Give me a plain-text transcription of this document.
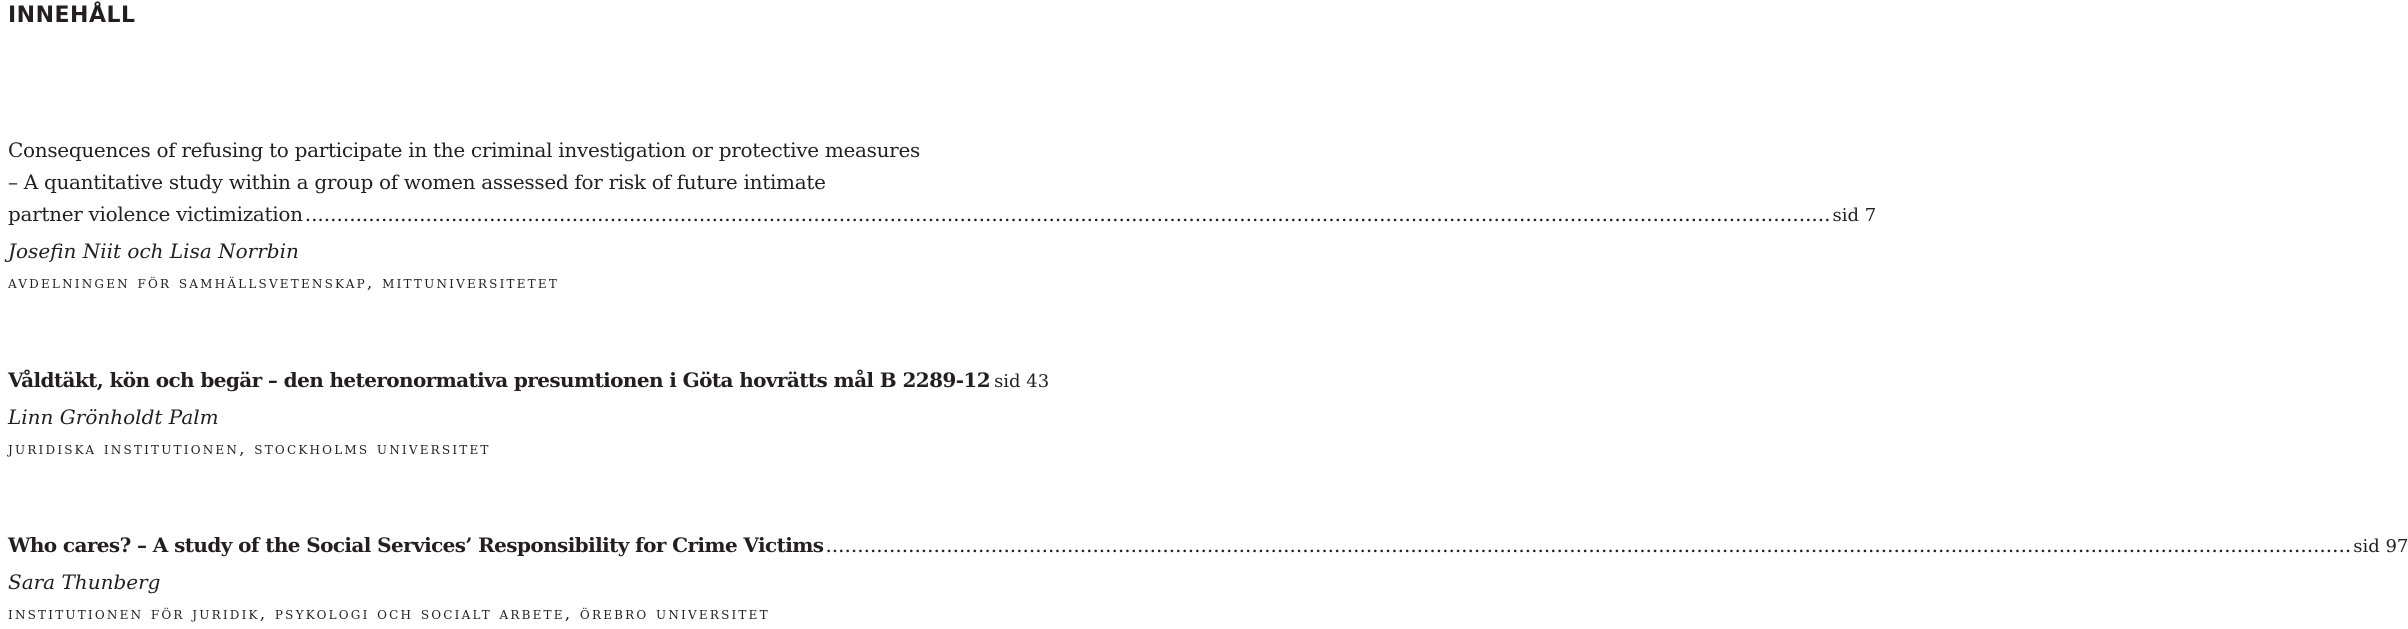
INNEHÅLL
Consequences of refusing to participate in the criminal investigation or protective measures
– A quantitative study within a group of women assessed for risk of future intimate
partner violence victimization .....	sid 7
Josefin Niit och Lisa Norrbin
avdelningen för samhällsvetenskap, mittuniversitetet
Våldtäkt, kön och begär – den heteronormativa presumtionen i Göta hovrätts mål B 2289-12 sid 43
Linn Grönholdt Palm
juridiska institutionen, stockholms universitet
Who cares? – A study of the Social Services’ Responsibility for Crime Victims .....	sid 97
Sara Thunberg
institutionen för juridik, psykologi och socialt arbete, örebro universitet
